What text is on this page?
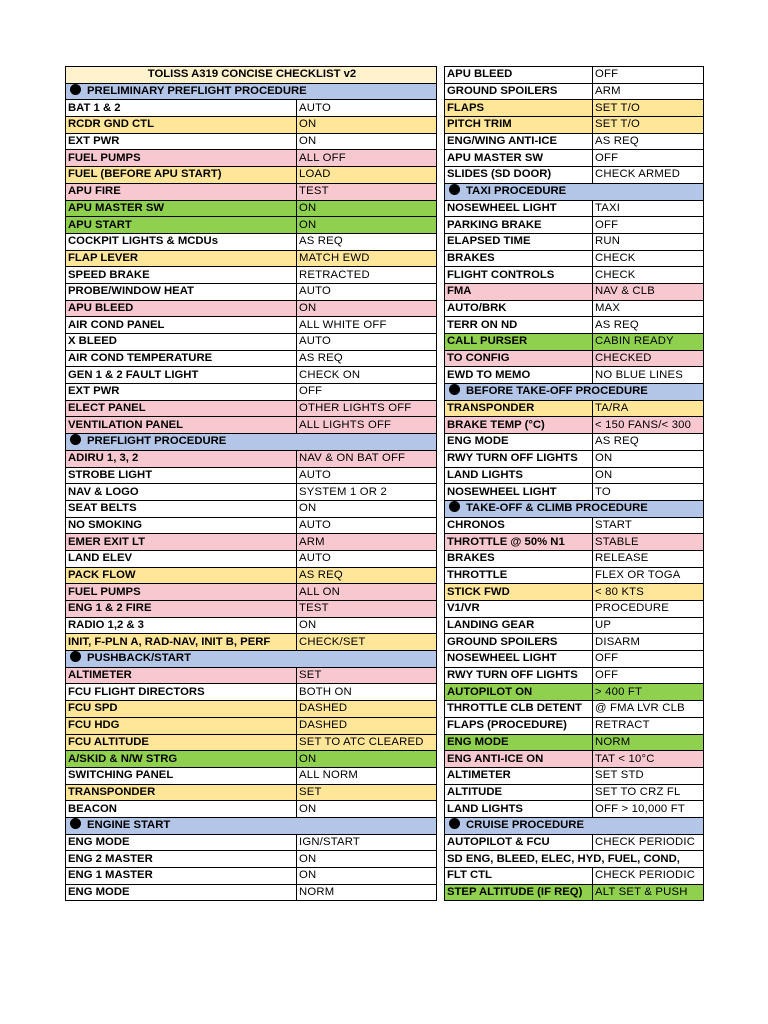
TOLISS A319 CONCISE CHECKLIST v2	
PRELIMINARY PREFLIGHT PROCEDURE	
BAT 1 & 2	AUTO
RCDR GND CTL	ON
EXT PWR	ON
FUEL PUMPS	ALL OFF
FUEL (BEFORE APU START)	LOAD
APU FIRE	TEST
APU MASTER SW	ON
APU START	ON
COCKPIT LIGHTS & MCDUs	AS REQ
FLAP LEVER	MATCH EWD
SPEED BRAKE	RETRACTED
PROBE/WINDOW HEAT	AUTO
APU BLEED	ON
AIR COND PANEL	ALL WHITE OFF
X BLEED	AUTO
AIR COND TEMPERATURE	AS REQ
GEN 1 & 2 FAULT LIGHT	CHECK ON
EXT PWR	OFF
ELECT PANEL	OTHER LIGHTS OFF
VENTILATION PANEL	ALL LIGHTS OFF
PREFLIGHT PROCEDURE	
ADIRU 1, 3, 2	NAV & ON BAT OFF
STROBE LIGHT	AUTO
NAV & LOGO	SYSTEM 1 OR 2
SEAT BELTS	ON
NO SMOKING	AUTO
EMER EXIT LT	ARM
LAND ELEV	AUTO
PACK FLOW	AS REQ
FUEL PUMPS	ALL ON
ENG 1 & 2 FIRE	TEST
RADIO 1,2 & 3	ON
INIT, F-PLN A, RAD-NAV, INIT B, PERF	CHECK/SET
PUSHBACK/START	
ALTIMETER	SET
FCU FLIGHT DIRECTORS	BOTH ON
FCU SPD	DASHED
FCU HDG	DASHED
FCU ALTITUDE	SET TO ATC CLEARED
A/SKID & N/W STRG	ON
SWITCHING PANEL	ALL NORM
TRANSPONDER	SET
BEACON	ON
ENGINE START	
ENG MODE	IGN/START
ENG 2 MASTER	ON
ENG 1 MASTER	ON
ENG MODE	NORM
APU BLEED	OFF
GROUND SPOILERS	ARM
FLAPS	SET T/O
PITCH TRIM	SET T/O
ENG/WING ANTI-ICE	AS REQ
APU MASTER SW	OFF
SLIDES (SD DOOR)	CHECK ARMED
TAXI PROCEDURE	
NOSEWHEEL LIGHT	TAXI
PARKING BRAKE	OFF
ELAPSED TIME	RUN
BRAKES	CHECK
FLIGHT CONTROLS	CHECK
FMA	NAV & CLB
AUTO/BRK	MAX
TERR ON ND	AS REQ
CALL PURSER	CABIN READY
TO CONFIG	CHECKED
EWD TO MEMO	NO BLUE LINES
BEFORE TAKE-OFF PROCEDURE	
TRANSPONDER	TA/RA
BRAKE TEMP (°C)	< 150 FANS/< 300
ENG MODE	AS REQ
RWY TURN OFF LIGHTS	ON
LAND LIGHTS	ON
NOSEWHEEL LIGHT	TO
TAKE-OFF & CLIMB PROCEDURE	
CHRONOS	START
THROTTLE @ 50% N1	STABLE
BRAKES	RELEASE
THROTTLE	FLEX OR TOGA
STICK FWD	< 80 KTS
V1/VR	PROCEDURE
LANDING GEAR	UP
GROUND SPOILERS	DISARM
NOSEWHEEL LIGHT	OFF
RWY TURN OFF LIGHTS	OFF
AUTOPILOT ON	> 400 FT
THROTTLE CLB DETENT	@ FMA LVR CLB
FLAPS (PROCEDURE)	RETRACT
ENG MODE	NORM
ENG ANTI-ICE ON	TAT < 10°C
ALTIMETER	SET STD
ALTITUDE	SET TO CRZ FL
LAND LIGHTS	OFF > 10,000 FT
CRUISE PROCEDURE	
AUTOPILOT & FCU	CHECK PERIODIC
SD ENG, BLEED, ELEC, HYD, FUEL, COND,	
FLT CTL	CHECK PERIODIC
STEP ALTITUDE (IF REQ)	ALT SET & PUSH
